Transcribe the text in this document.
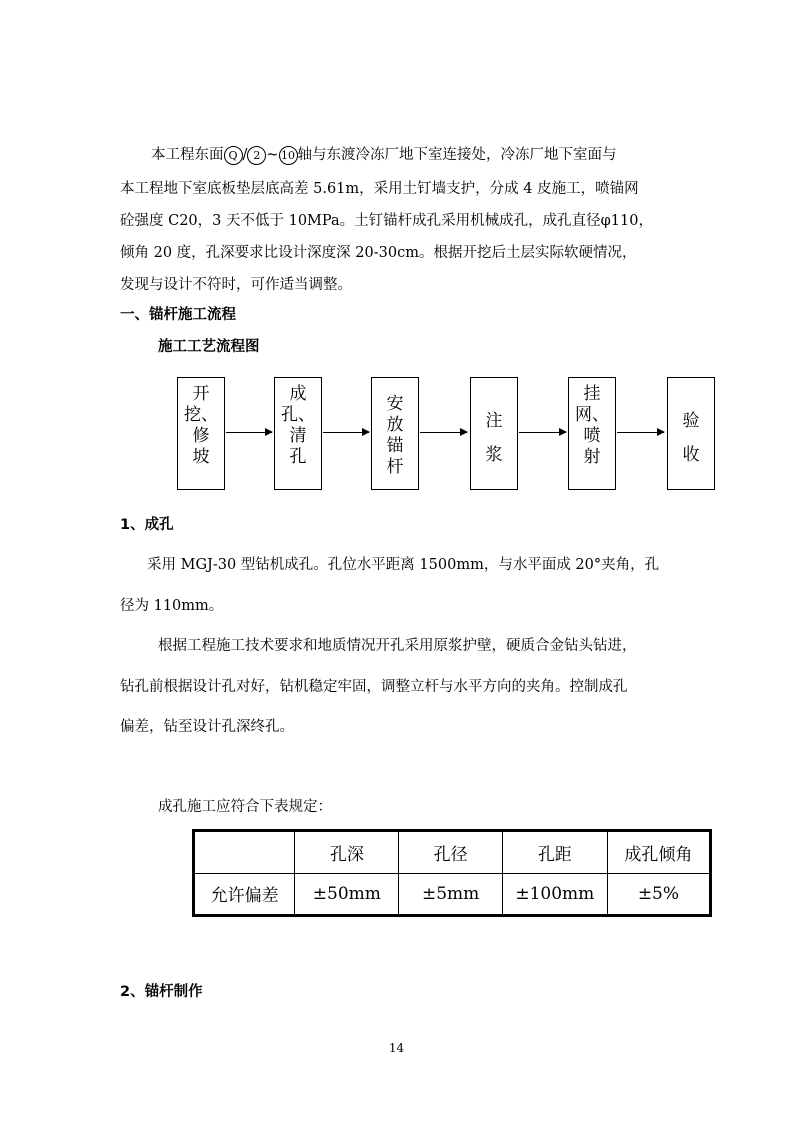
本工程东面 Q / 2 ~ 10 轴与东渡冷冻厂地下室连接处，冷冻厂地下室面与
本工程地下室底板垫层底高差 5.61m，采用土钉墙支护，分成 4 皮施工，喷锚网
砼强度 C20，3 天不低于 10MPa。土钉锚杆成孔采用机械成孔，成孔直径φ110，
倾角 20 度，孔深要求比设计深度深 20-30cm。根据开挖后土层实际软硬情况，
发现与设计不符时，可作适当调整。
一、锚杆施工流程
施工工艺流程图
开
挖、
修
坡
成
孔、
清
孔
安
放
锚
杆
注
浆
挂
网、
喷
射
验
收
1、成孔
采用 MGJ-30 型钻机成孔。孔位水平距离 1500mm，与水平面成 20°夹角，孔
径为 110mm。
根据工程施工技术要求和地质情况开孔采用原浆护壁，硬质合金钻头钻进，
钻孔前根据设计孔对好，钻机稳定牢固，调整立杆与水平方向的夹角。控制成孔
偏差，钻至设计孔深终孔。
成孔施工应符合下表规定：
	孔深	孔径	孔距	成孔倾角
允许偏差	±50mm	±5mm	±100mm	±5%
2、锚杆制作
14
